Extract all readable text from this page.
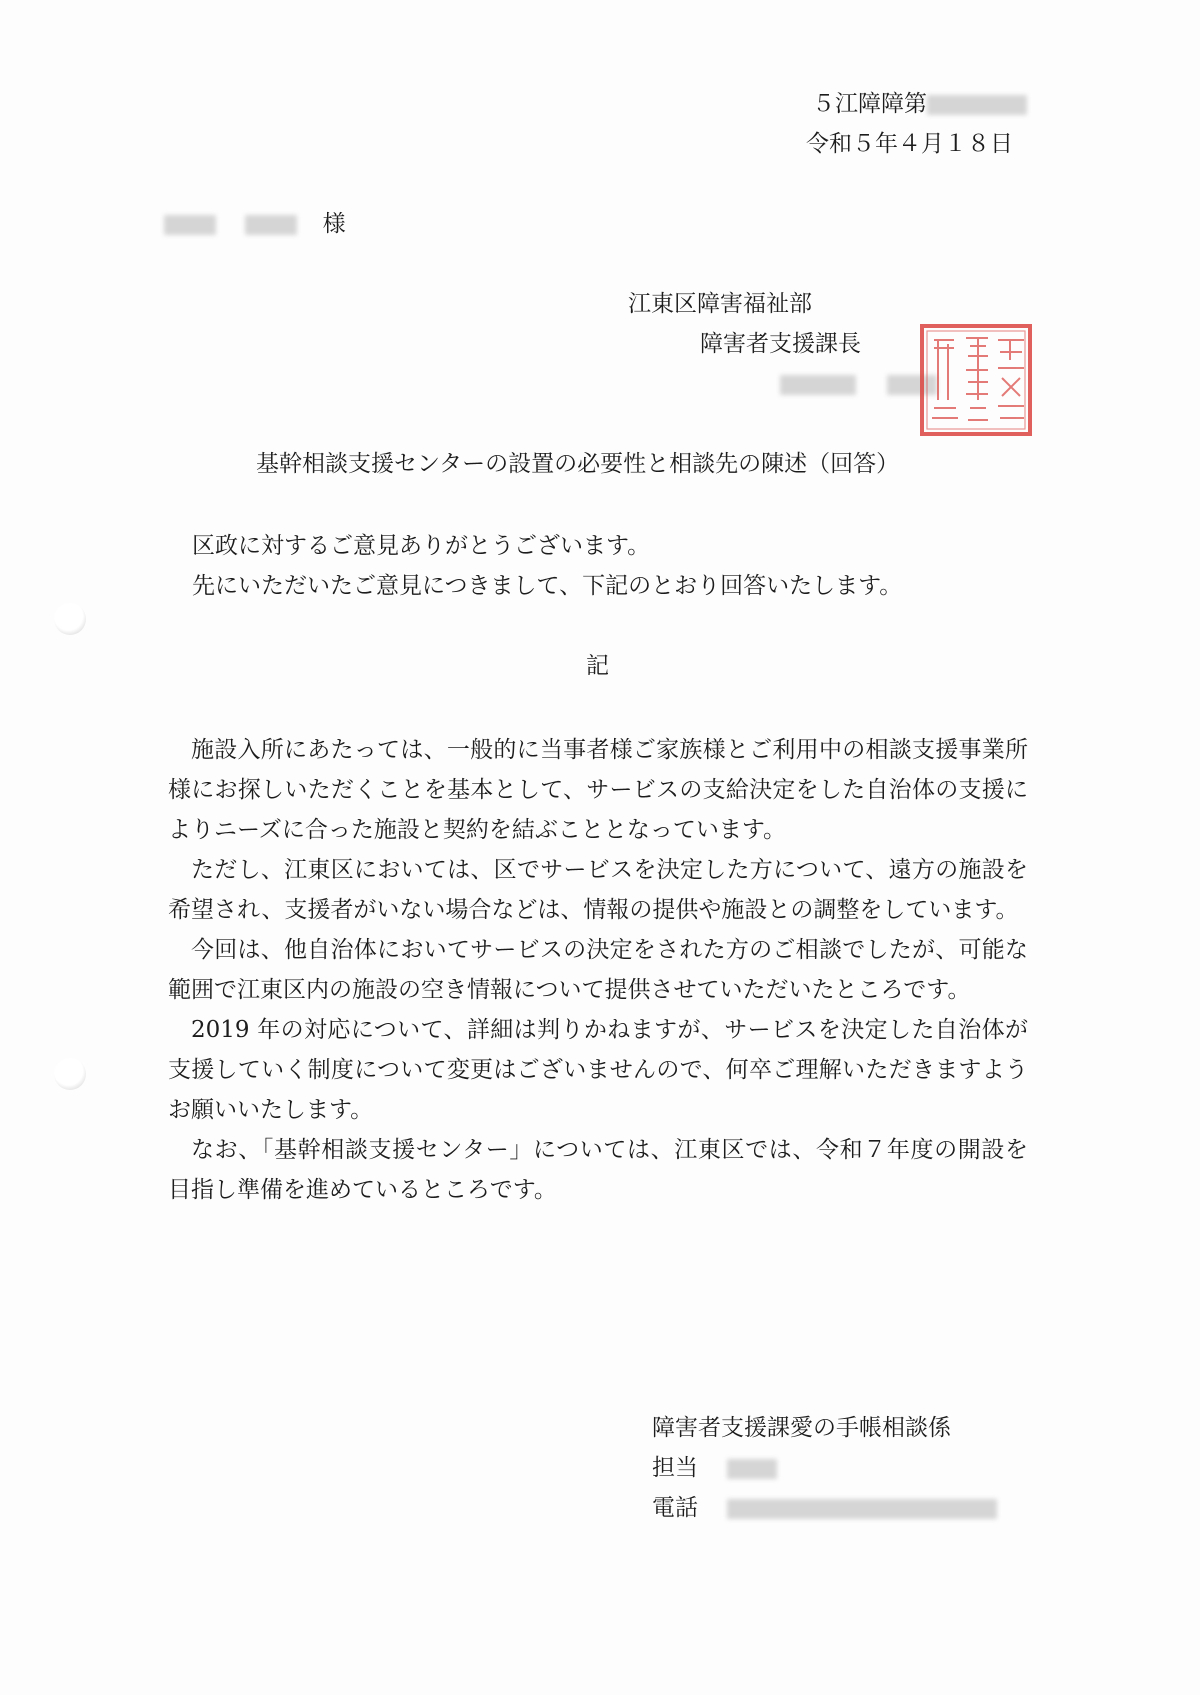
５江障障第
令和５年４月１８日
様
江東区障害福祉部
障害者支援課長

基幹相談支援センターの設置の必要性と相談先の陳述（回答）
区政に対するご意見ありがとうございます。
先にいただいたご意見につきまして、下記のとおり回答いたします。
記

施設入所にあたっては、一般的に当事者様ご家族様とご利用中の相談支援事業所様にお探しいただくことを基本として、サービスの支給決定をした自治体の支援によりニーズに合った施設と契約を結ぶこととなっています。

ただし、江東区においては、区でサービスを決定した方について、遠方の施設を希望され、支援者がいない場合などは、情報の提供や施設との調整をしています。

今回は、他自治体においてサービスの決定をされた方のご相談でしたが、可能な範囲で江東区内の施設の空き情報について提供させていただいたところです。

2019 年の対応について、詳細は判りかねますが、サービスを決定した自治体が支援していく制度について変更はございませんので、何卒ご理解いただきますようお願いいたします。

なお、「基幹相談支援センター」については、江東区では、令和７年度の開設を目指し準備を進めているところです。

障害者支援課愛の手帳相談係
担当
電話
